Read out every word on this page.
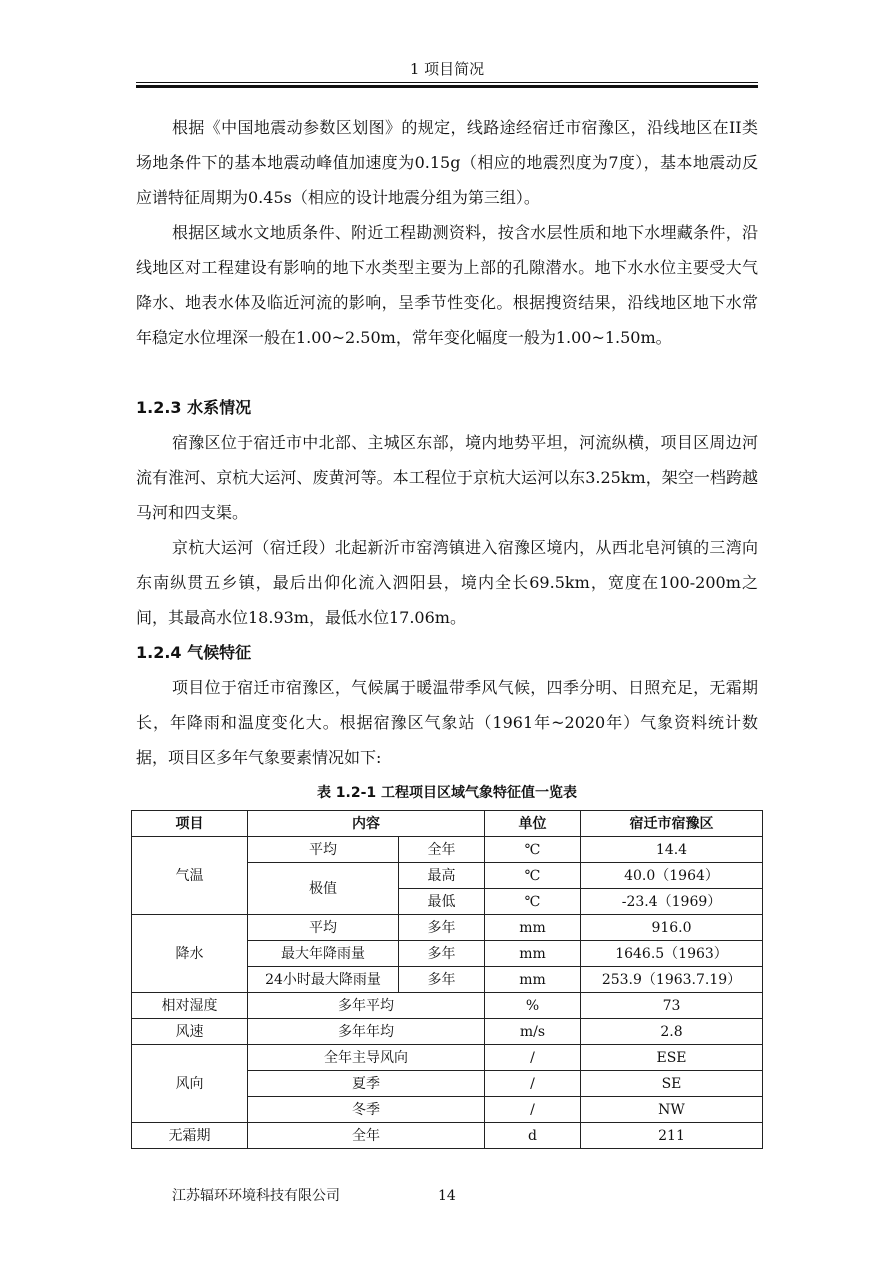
1 项目简况

根据《中国地震动参数区划图》的规定，线路途经宿迁市宿豫区，沿线地区在II类场地条件下的基本地震动峰值加速度为0.15g（相应的地震烈度为7度），基本地震动反应谱特征周期为0.45s（相应的设计地震分组为第三组）。

根据区域水文地质条件、附近工程勘测资料，按含水层性质和地下水埋藏条件，沿线地区对工程建设有影响的地下水类型主要为上部的孔隙潜水。地下水水位主要受大气降水、地表水体及临近河流的影响，呈季节性变化。根据搜资结果，沿线地区地下水常年稳定水位埋深一般在1.00~2.50m，常年变化幅度一般为1.00~1.50m。

1.2.3 水系情况

宿豫区位于宿迁市中北部、主城区东部，境内地势平坦，河流纵横，项目区周边河流有淮河、京杭大运河、废黄河等。本工程位于京杭大运河以东3.25km，架空一档跨越马河和四支渠。

京杭大运河（宿迁段）北起新沂市窑湾镇进入宿豫区境内，从西北皂河镇的三湾向东南纵贯五乡镇，最后出仰化流入泗阳县，境内全长69.5km，宽度在100-200m之间，其最高水位18.93m，最低水位17.06m。

1.2.4 气候特征

项目位于宿迁市宿豫区，气候属于暖温带季风气候，四季分明、日照充足，无霜期长，年降雨和温度变化大。根据宿豫区气象站（1961年~2020年）气象资料统计数据，项目区多年气象要素情况如下:

表 1.2-1 工程项目区域气象特征值一览表
项目	内容		单位	宿迁市宿豫区
气温	平均	全年	℃	14.4
	极值	最高	℃	40.0（1964）
		最低	℃	-23.4（1969）
降水	平均	多年	mm	916.0
	最大年降雨量	多年	mm	1646.5（1963）
	24小时最大降雨量	多年	mm	253.9（1963.7.19）
相对湿度	多年平均		%	73
风速	多年年均		m/s	2.8
风向	全年主导风向		/	ESE
	夏季		/	SE
	冬季		/	NW
无霜期	全年		d	211
江苏辐环环境科技有限公司	14
